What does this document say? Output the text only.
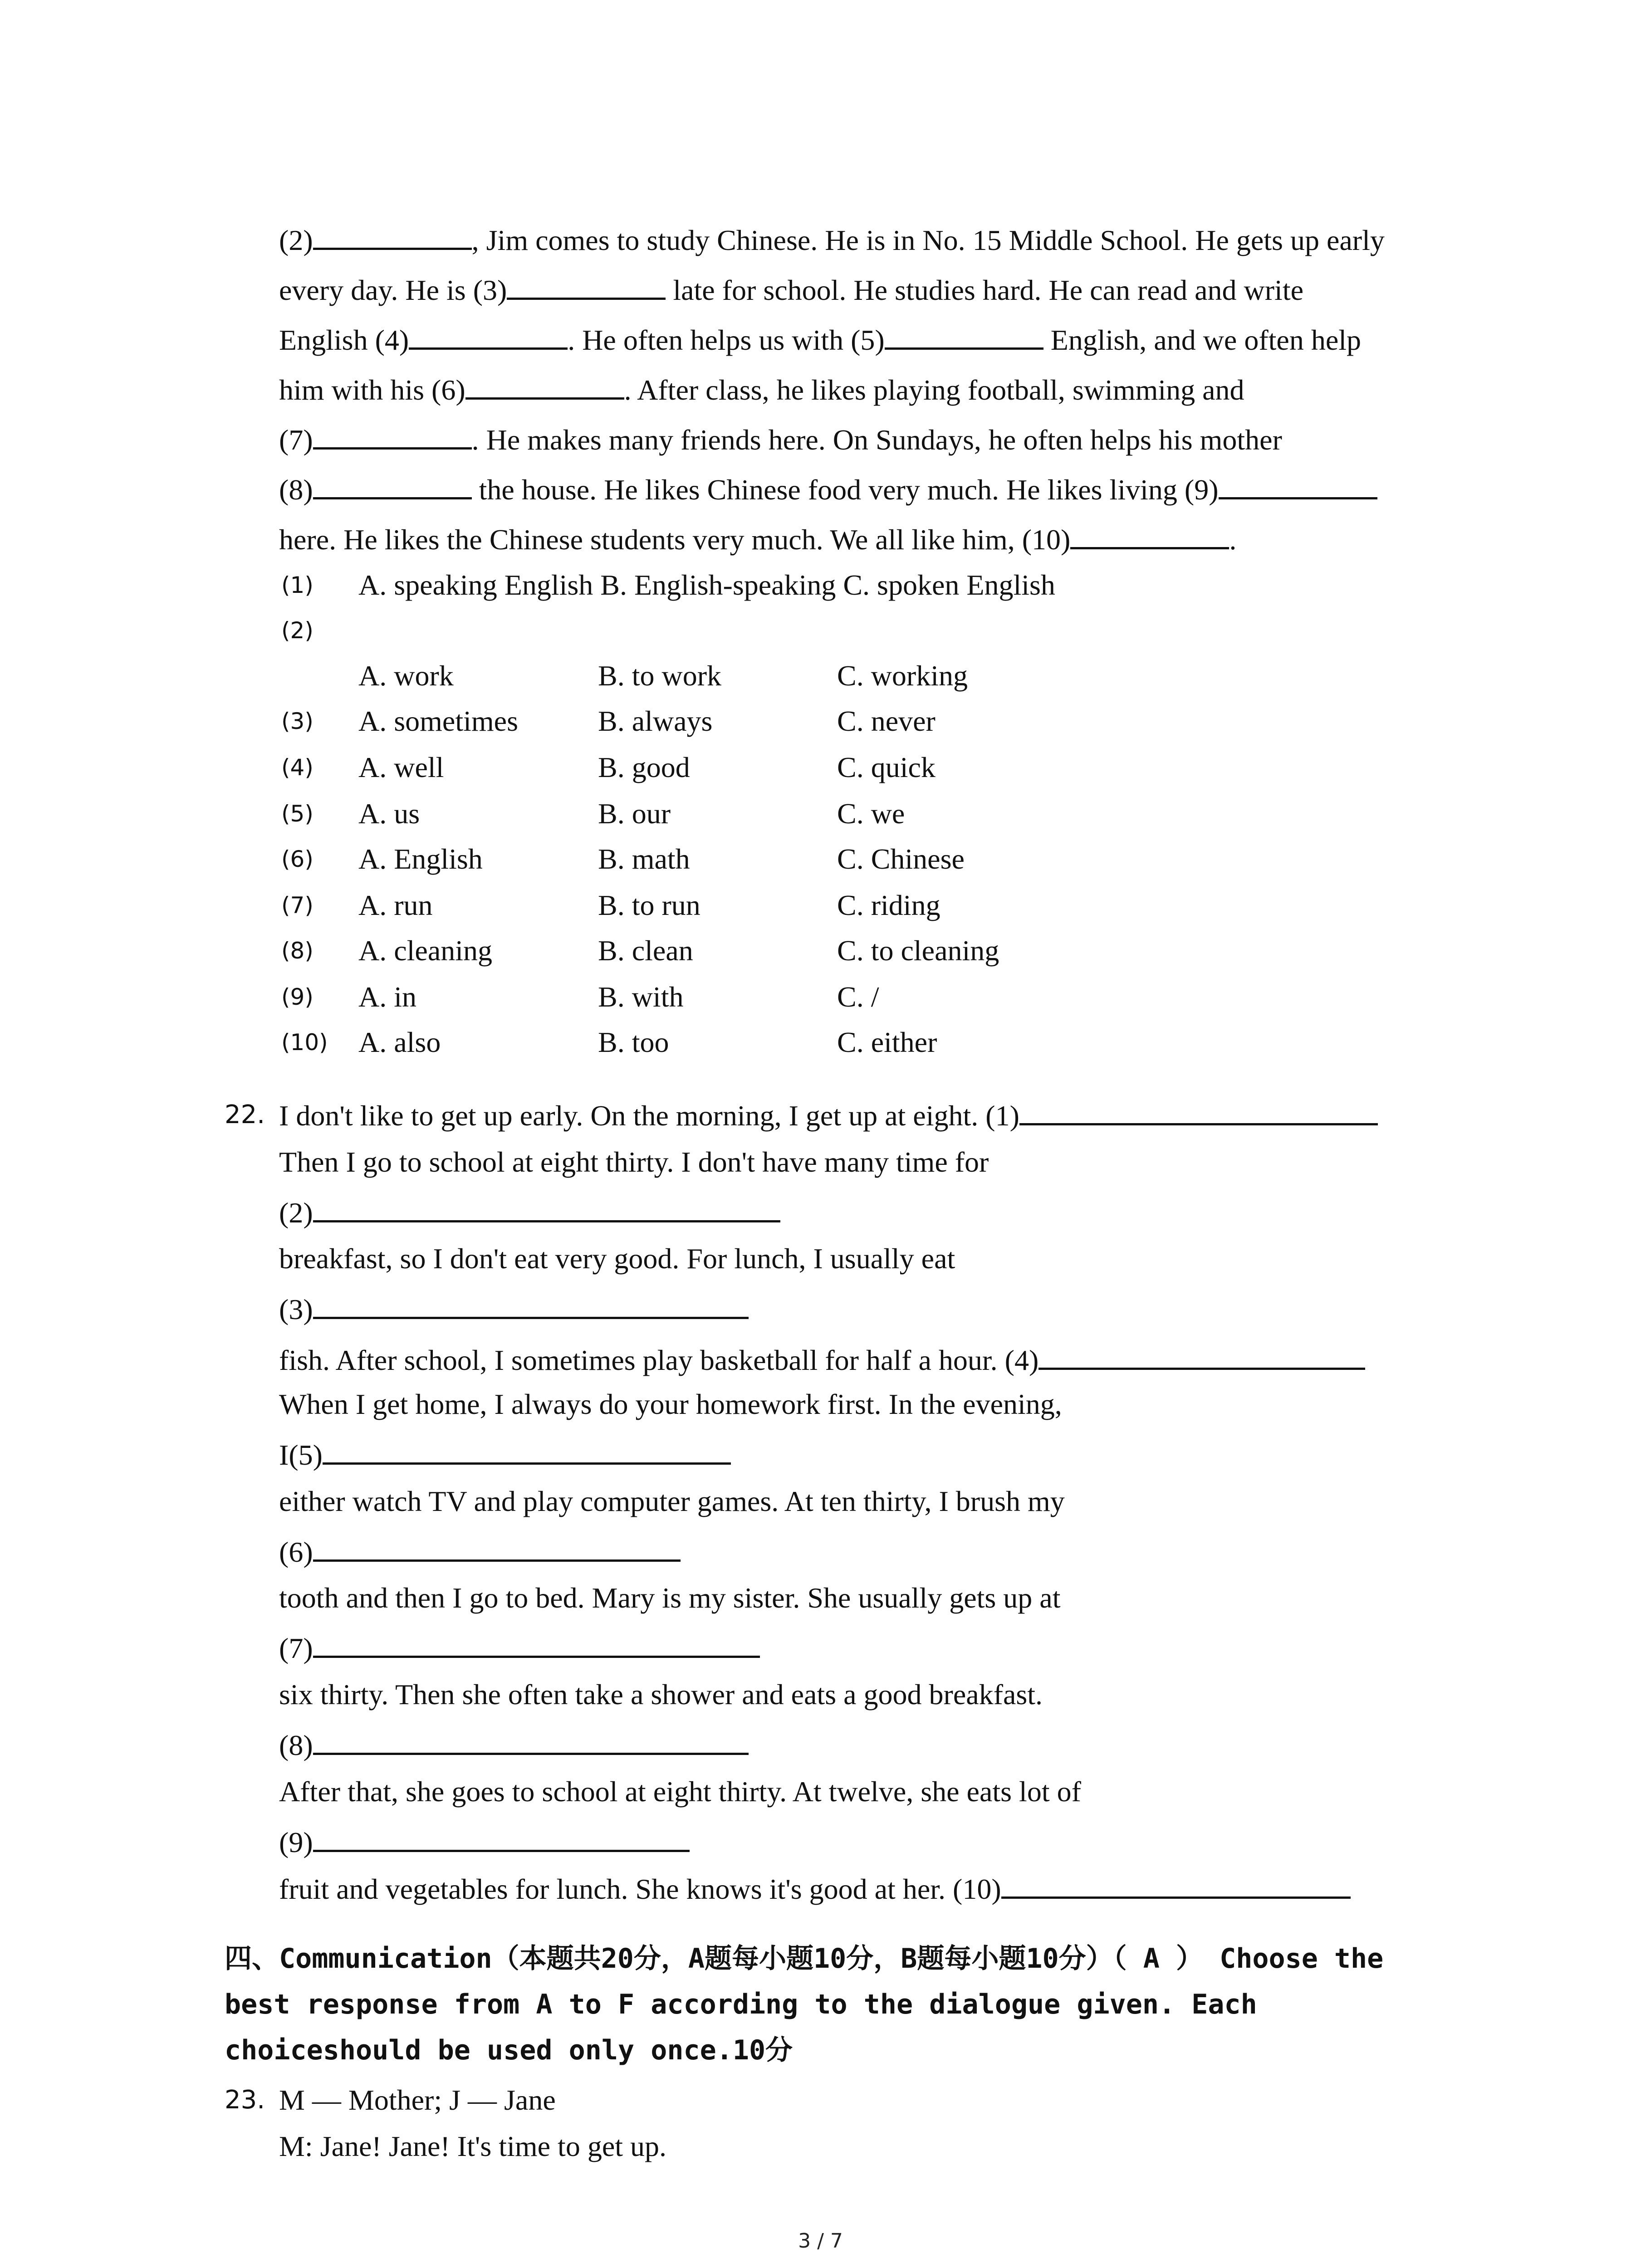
(2)	, Jim comes to study Chinese. He is in No. 15 Middle School. He gets up early
every day. He is (3)	late for school. He studies hard. He can read and write
English (4)	. He often helps us with (5)	English, and we often help
him with his (6)	. After class, he likes playing football, swimming and
(7)	. He makes many friends here. On Sundays, he often helps his mother
(8)	the house. He likes Chinese food very much. He likes living (9)
here. He likes the Chinese students very much. We all like him, (10)	.
(1) A. speaking English B. English-speaking C. spoken English
(2)
A. work	B. to work	C. working
(3) A. sometimes	B. always	C. never
(4) A. well	B. good	C. quick
(5) A. us	B. our	C. we
(6) A. English	B. math	C. Chinese
(7) A. run	B. to run	C. riding
(8) A. cleaning	B. clean	C. to cleaning
(9) A. in	B. with	C. /
(10) A. also	B. too	C. either
22. I don't like to get up early. On the morning, I get up at eight. (1)
Then I go to school at eight thirty. I don't have many time for
(2)
breakfast, so I don't eat very good. For lunch, I usually eat
(3)
fish. After school, I sometimes play basketball for half a hour. (4)
When I get home, I always do your homework first. In the evening,
I(5)
either watch TV and play computer games. At ten thirty, I brush my
(6)
tooth and then I go to bed. Mary is my sister. She usually gets up at
(7)
six thirty. Then she often take a shower and eats a good breakfast.
(8)
After that, she goes to school at eight thirty. At twelve, she eats lot of
(9)
fruit and vegetables for lunch. She knows it's good at her. (10)
四、Communication（本题共20分，A题每小题10分，B题每小题10分）（ A ） Choose the best response from A to F according to the dialogue given. Each choiceshould be used only once.10分
23. M — Mother; J — Jane
M: Jane! Jane! It's time to get up.
3 / 7
